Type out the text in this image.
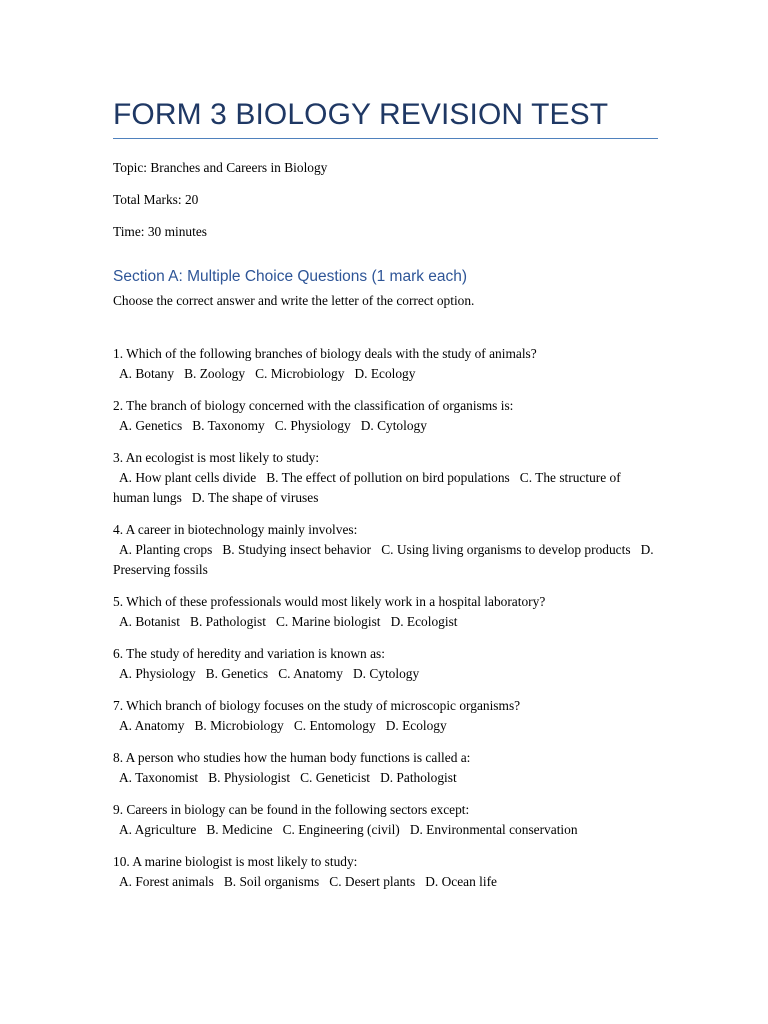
FORM 3 BIOLOGY REVISION TEST

Topic: Branches and Careers in Biology

Total Marks: 20

Time: 30 minutes

Section A: Multiple Choice Questions (1 mark each)

Choose the correct answer and write the letter of the correct option.

1. Which of the following branches of biology deals with the study of animals?
A. Botany B. Zoology C. Microbiology D. Ecology
2. The branch of biology concerned with the classification of organisms is:
A. Genetics B. Taxonomy C. Physiology D. Cytology
3. An ecologist is most likely to study:
A. How plant cells divide B. The effect of pollution on bird populations C. The structure of human lungs D. The shape of viruses
4. A career in biotechnology mainly involves:
A. Planting crops B. Studying insect behavior C. Using living organisms to develop products D. Preserving fossils
5. Which of these professionals would most likely work in a hospital laboratory?
A. Botanist B. Pathologist C. Marine biologist D. Ecologist
6. The study of heredity and variation is known as:
A. Physiology B. Genetics C. Anatomy D. Cytology
7. Which branch of biology focuses on the study of microscopic organisms?
A. Anatomy B. Microbiology C. Entomology D. Ecology
8. A person who studies how the human body functions is called a:
A. Taxonomist B. Physiologist C. Geneticist D. Pathologist
9. Careers in biology can be found in the following sectors except:
A. Agriculture B. Medicine C. Engineering (civil) D. Environmental conservation
10. A marine biologist is most likely to study:
A. Forest animals B. Soil organisms C. Desert plants D. Ocean life
